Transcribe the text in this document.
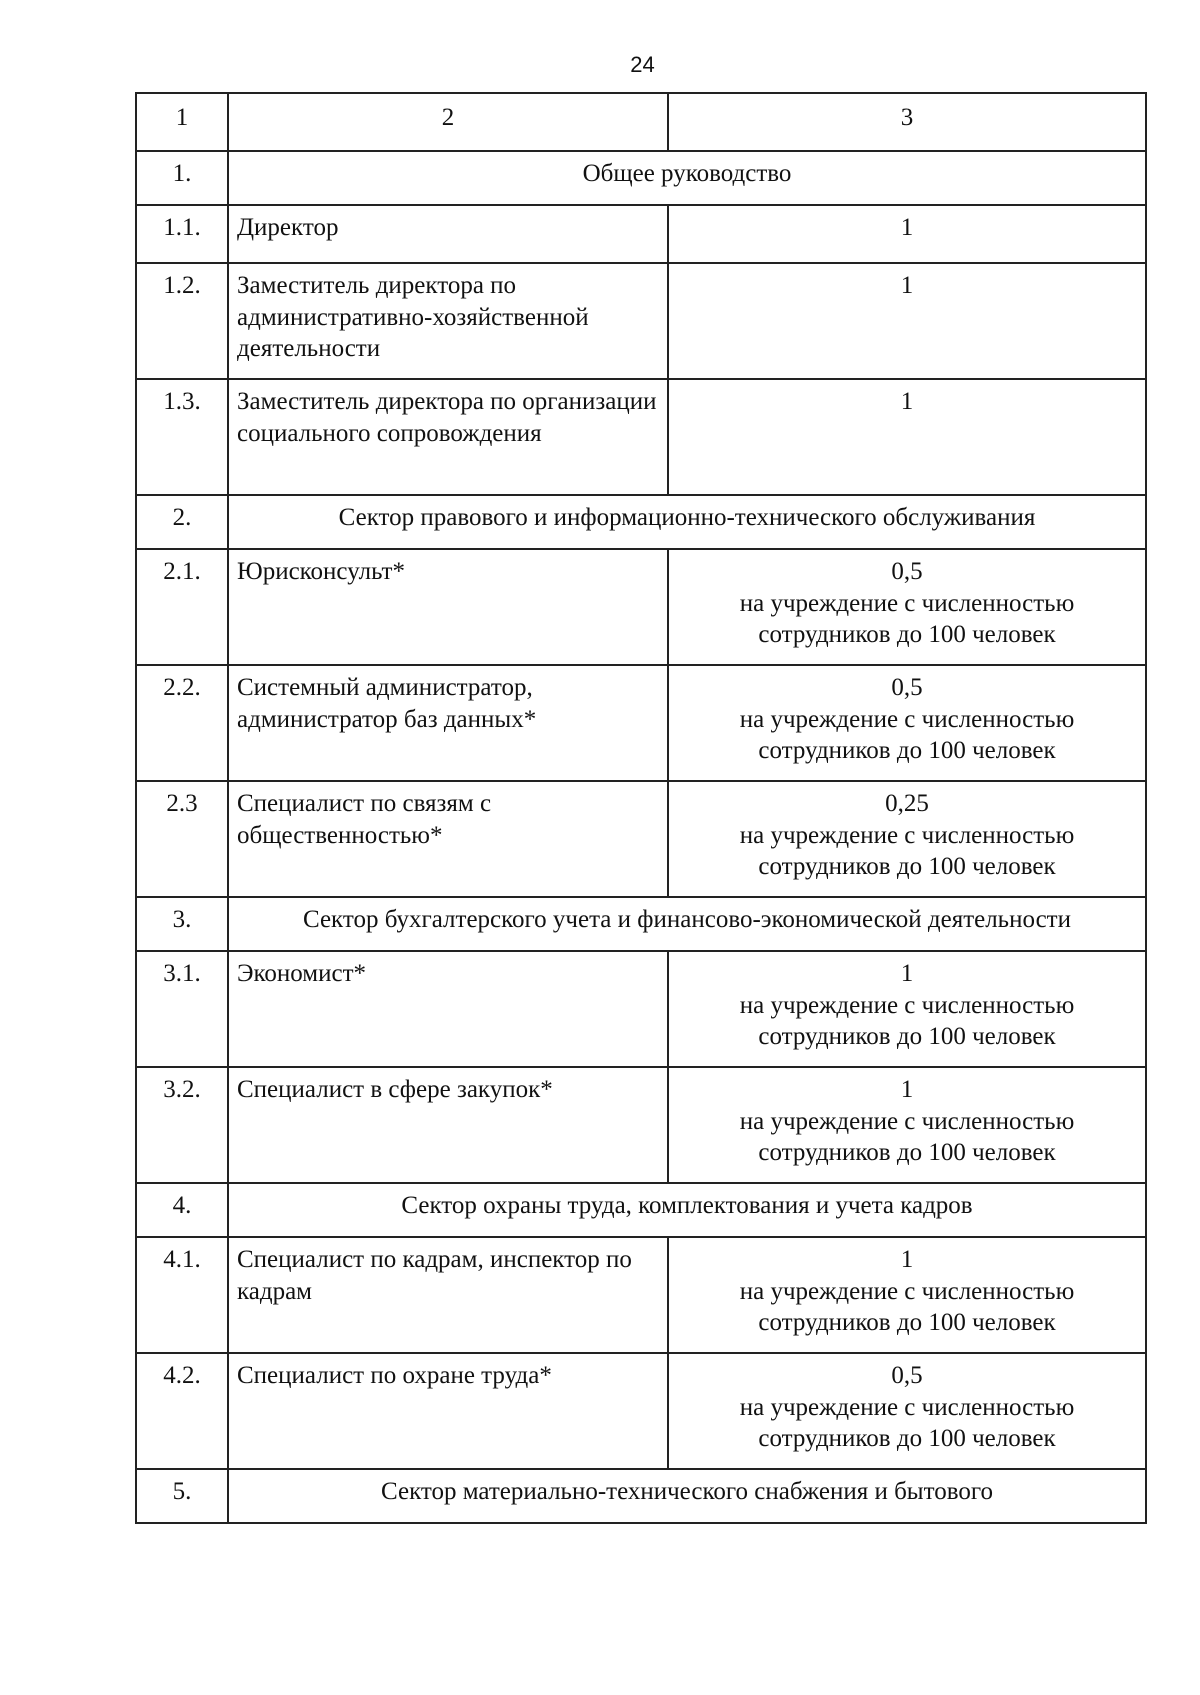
24
1	2	3
1.	Общее руководство	
1.1.	Директор	1
1.2.	Заместитель директора по административно-хозяйственной деятельности	1
1.3.	Заместитель директора по организации социального сопровождения	1
2.	Сектор правового и информационно-технического обслуживания	
2.1.	Юрисконсульт*	0,5
на учреждение с численностью
сотрудников до 100 человек

2.2.	Системный администратор, администратор баз данных*	0,5
на учреждение с численностью
сотрудников до 100 человек

2.3	Специалист по связям с общественностью*	0,25
на учреждение с численностью
сотрудников до 100 человек

3.	Сектор бухгалтерского учета и финансово-экономической деятельности	
3.1.	Экономист*	1
на учреждение с численностью
сотрудников до 100 человек

3.2.	Специалист в сфере закупок*	1
на учреждение с численностью
сотрудников до 100 человек

4.	Сектор охраны труда, комплектования и учета кадров	
4.1.	Специалист по кадрам, инспектор по кадрам	1
на учреждение с численностью
сотрудников до 100 человек

4.2.	Специалист по охране труда*	0,5
на учреждение с численностью
сотрудников до 100 человек

5.	Сектор материально-технического снабжения и бытового	
